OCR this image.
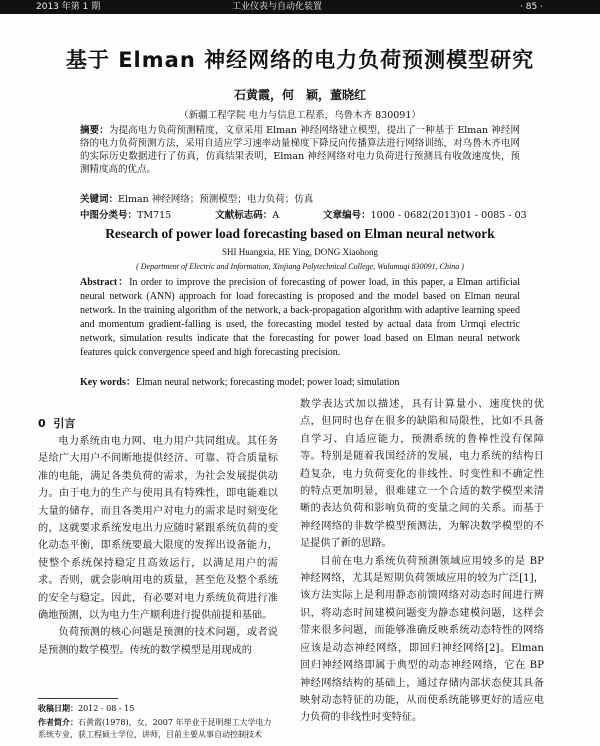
2013 年第 1 期	工业仪表与自动化装置	· 85 ·
基于 Elman 神经网络的电力负荷预测模型研究
石黄霞，何　颖，董晓红
（新疆工程学院 电力与信息工程系，乌鲁木齐 830091）
摘要：为提高电力负荷预测精度，文章采用 Elman 神经网络建立模型，提出了一种基于 Elman 神经网络的电力负荷预测方法，采用自适应学习速率动量梯度下降反向传播算法进行网络训练，对乌鲁木齐电网的实际历史数据进行了仿真，仿真结果表明，Elman 神经网络对电力负荷进行预测具有收敛速度快，预测精度高的优点。
关键词：Elman 神经网络；预测模型；电力负荷；仿真
中图分类号：TM715	文献标志码：A	文章编号：1000 - 0682(2013)01 - 0085 - 03
Research of power load forecasting based on Elman neural network
SHI Huangxia, HE Ying, DONG Xiaohong
( Department of Electric and Information, Xinjiang Polytechnical College, Wulumuqi 830091, China )
Abstract：In order to improve the precision of forecasting of power load, in this paper, a Elman artificial neural network (ANN) approach for load forecasting is proposed and the model based on Elman neural network. In the training algorithm of the network, a back-propagation algorithm with adaptive learning speed and momentum gradient-falling is used, the forecasting model tested by actual data from Urmqi electric network, simulation results indicate that the forecasting for power load based on Elman neural network features quick convergence speed and high forecasting precision.
Key words：Elman neural network; forecasting model; power load; simulation
0 引言

电力系统由电力网、电力用户共同组成。其任务是给广大用户不间断地提供经济、可靠、符合质量标准的电能，满足各类负荷的需求，为社会发展提供动力。由于电力的生产与使用具有特殊性，即电能难以大量的储存，而且各类用户对电力的需求是时刻变化的，这就要求系统发电出力应随时紧跟系统负荷的变化动态平衡，即系统要最大限度的发挥出设备能力，使整个系统保持稳定且高效运行，以满足用户的需求。否则，就会影响用电的质量，甚至危及整个系统的安全与稳定。因此，有必要对电力系统负荷进行准确地预测，以为电力生产顺利进行提供前提和基础。

负荷预测的核心问题是预测的技术问题，或者说是预测的数学模型。传统的数学模型是用现成的

数学表达式加以描述，具有计算量小、速度快的优点，但同时也存在很多的缺陷和局限性，比如不具备自学习、自适应能力，预测系统的鲁棒性没有保障等。特别是随着我国经济的发展，电力系统的结构日趋复杂，电力负荷变化的非线性、时变性和不确定性的特点更加明显，很难建立一个合适的数学模型来清晰的表达负荷和影响负荷的变量之间的关系。而基于神经网络的非数学模型预测法，为解决数学模型的不足提供了新的思路。

目前在电力系统负荷预测领域应用较多的是 BP 神经网络，尤其是短期负荷领域应用的较为广泛[1]，该方法实际上是利用静态前馈网络对动态时间进行辨识，将动态时间建模问题变为静态建模问题，这样会带来很多问题，而能够准确反映系统动态特性的网络应该是动态神经网络，即回归神经网络[2]。Elman 回归神经网络即属于典型的动态神经网络，它在 BP 神经网络结构的基础上，通过存储内部状态使其具备映射动态特征的功能，从而使系统能够更好的适应电力负荷的非线性时变特征。

收稿日期：2012 - 08 - 15
作者简介：石黄霞(1978)，女，2007 年毕业于昆明理工大学电力系统专业，获工程硕士学位，讲师，目前主要从事自动控制技术
